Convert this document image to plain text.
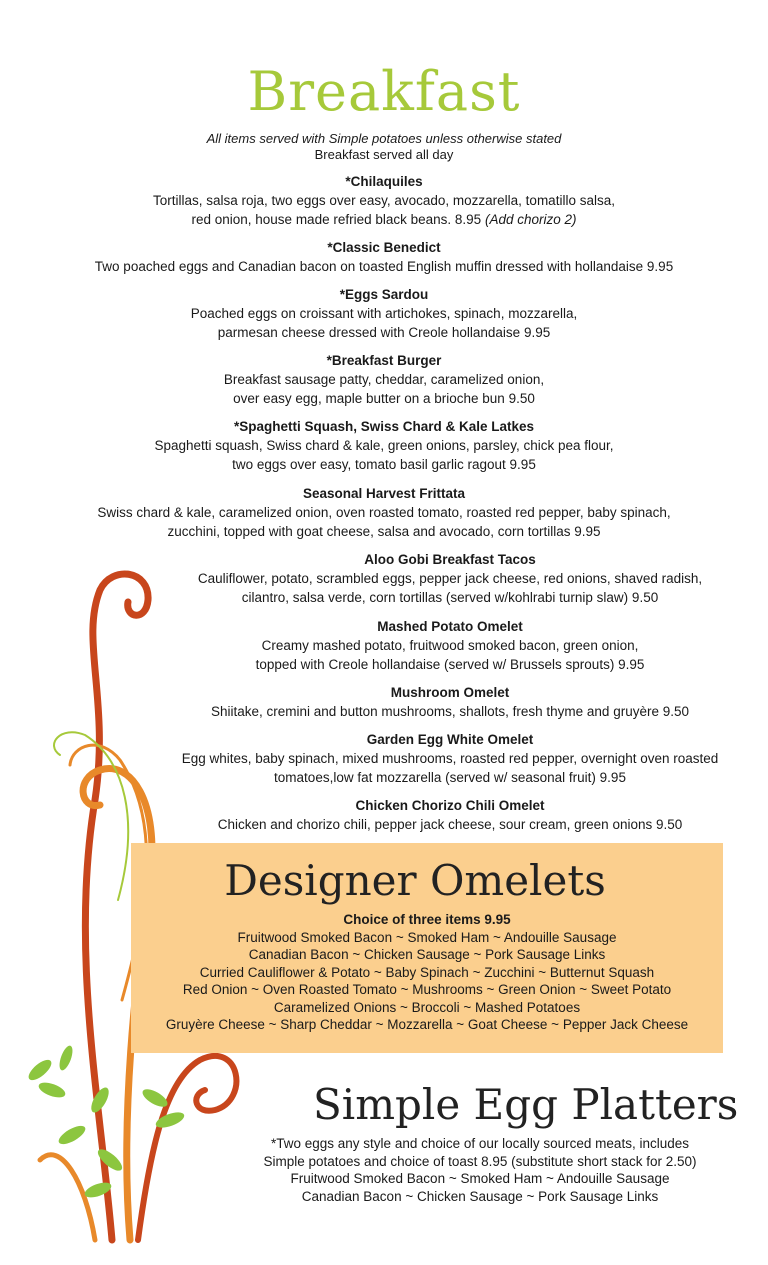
Breakfast
All items served with Simple potatoes unless otherwise stated
Breakfast served all day
*Chilaquiles
Tortillas, salsa roja, two eggs over easy, avocado, mozzarella, tomatillo salsa,
red onion, house made refried black beans. 8.95 (Add chorizo 2)
*Classic Benedict
Two poached eggs and Canadian bacon on toasted English muffin dressed with hollandaise 9.95
*Eggs Sardou
Poached eggs on croissant with artichokes, spinach, mozzarella,
parmesan cheese dressed with Creole hollandaise 9.95
*Breakfast Burger
Breakfast sausage patty, cheddar, caramelized onion,
over easy egg, maple butter on a brioche bun 9.50
*Spaghetti Squash, Swiss Chard & Kale Latkes
Spaghetti squash, Swiss chard & kale, green onions, parsley, chick pea flour,
two eggs over easy, tomato basil garlic ragout 9.95
Seasonal Harvest Frittata
Swiss chard & kale, caramelized onion, oven roasted tomato, roasted red pepper, baby spinach,
zucchini, topped with goat cheese, salsa and avocado, corn tortillas 9.95
Aloo Gobi Breakfast Tacos
Cauliflower, potato, scrambled eggs, pepper jack cheese, red onions, shaved radish,
cilantro, salsa verde, corn tortillas (served w/kohlrabi turnip slaw) 9.50
Mashed Potato Omelet
Creamy mashed potato, fruitwood smoked bacon, green onion,
topped with Creole hollandaise (served w/ Brussels sprouts) 9.95
Mushroom Omelet
Shiitake, cremini and button mushrooms, shallots, fresh thyme and gruyère 9.50
Garden Egg White Omelet
Egg whites, baby spinach, mixed mushrooms, roasted red pepper, overnight oven roasted
tomatoes,low fat mozzarella (served w/ seasonal fruit) 9.95
Chicken Chorizo Chili Omelet
Chicken and chorizo chili, pepper jack cheese, sour cream, green onions 9.50
Designer Omelets
Choice of three items 9.95
Fruitwood Smoked Bacon ~ Smoked Ham ~ Andouille Sausage
Canadian Bacon ~ Chicken Sausage ~ Pork Sausage Links
Curried Cauliflower & Potato ~ Baby Spinach ~ Zucchini ~ Butternut Squash
Red Onion ~ Oven Roasted Tomato ~ Mushrooms ~ Green Onion ~ Sweet Potato
Caramelized Onions ~ Broccoli ~ Mashed Potatoes
Gruyère Cheese ~ Sharp Cheddar ~ Mozzarella ~ Goat Cheese ~ Pepper Jack Cheese
Simple Egg Platters
*Two eggs any style and choice of our locally sourced meats, includes
Simple potatoes and choice of toast 8.95 (substitute short stack for 2.50)
Fruitwood Smoked Bacon ~ Smoked Ham ~ Andouille Sausage
Canadian Bacon ~ Chicken Sausage ~ Pork Sausage Links
